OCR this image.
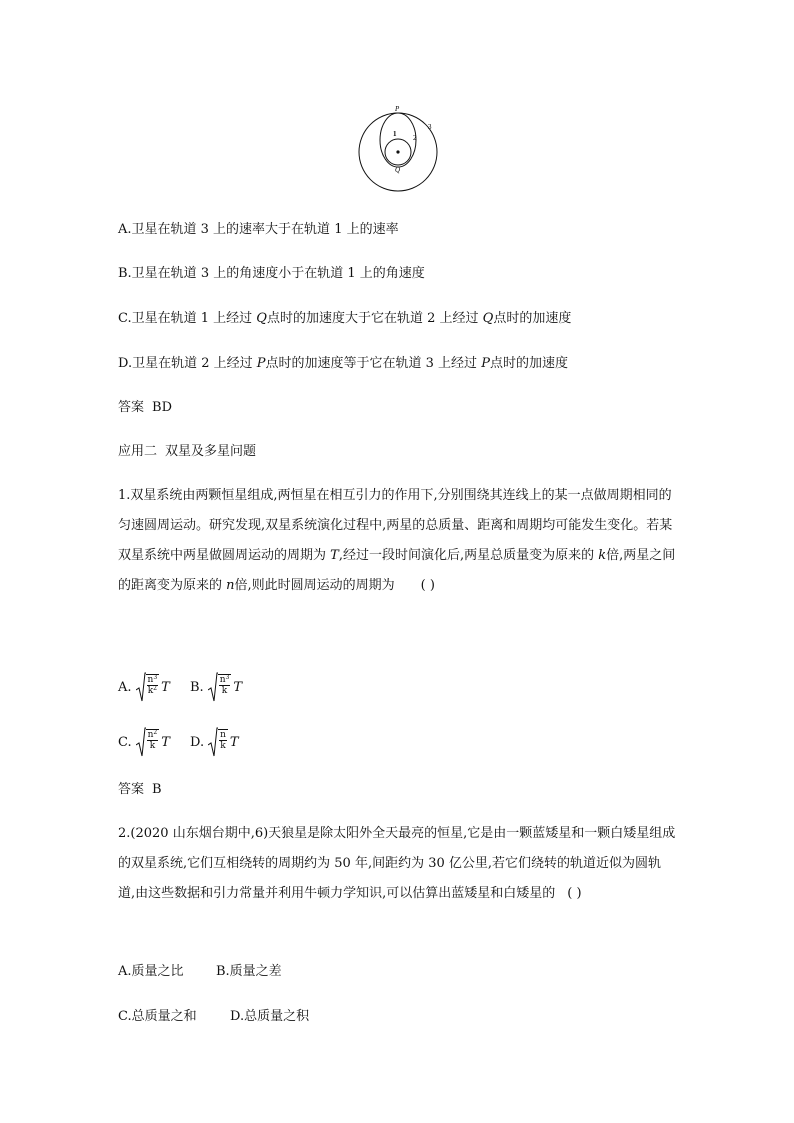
P
1 2
3
Q
A.卫星在轨道 3 上的速率大于在轨道 1 上的速率
B.卫星在轨道 3 上的角速度小于在轨道 1 上的角速度
C.卫星在轨道 1 上经过 Q点时的加速度大于它在轨道 2 上经过 Q点时的加速度
D.卫星在轨道 2 上经过 P点时的加速度等于它在轨道 3 上经过 P点时的加速度
答案 BD
应用二 双星及多星问题
1.双星系统由两颗恒星组成,两恒星在相互引力的作用下,分别围绕其连线上的某一点做周期相同的匀速圆周运动。研究发现,双星系统演化过程中,两星的总质量、距离和周期均可能发生变化。若某双星系统中两星做圆周运动的周期为 T,经过一段时间演化后,两星总质量变为原来的 k倍,两星之间的距离变为原来的 n倍,则此时圆周运动的周期为 ( )
A. $\frac{n^3}{k^2}$ T B. $\frac{n^3}{k}$ T
C. $\frac{n^2}{k}$ T D. $\frac{n}{k}$ T
答案 B
2.(2020 山东烟台期中,6)天狼星是除太阳外全天最亮的恒星,它是由一颗蓝矮星和一颗白矮星组成的双星系统,它们互相绕转的周期约为 50 年,间距约为 30 亿公里,若它们绕转的轨道近似为圆轨道,由这些数据和引力常量并利用牛顿力学知识,可以估算出蓝矮星和白矮星的 ( )
A.质量之比 B.质量之差
C.总质量之和	D.总质量之积
